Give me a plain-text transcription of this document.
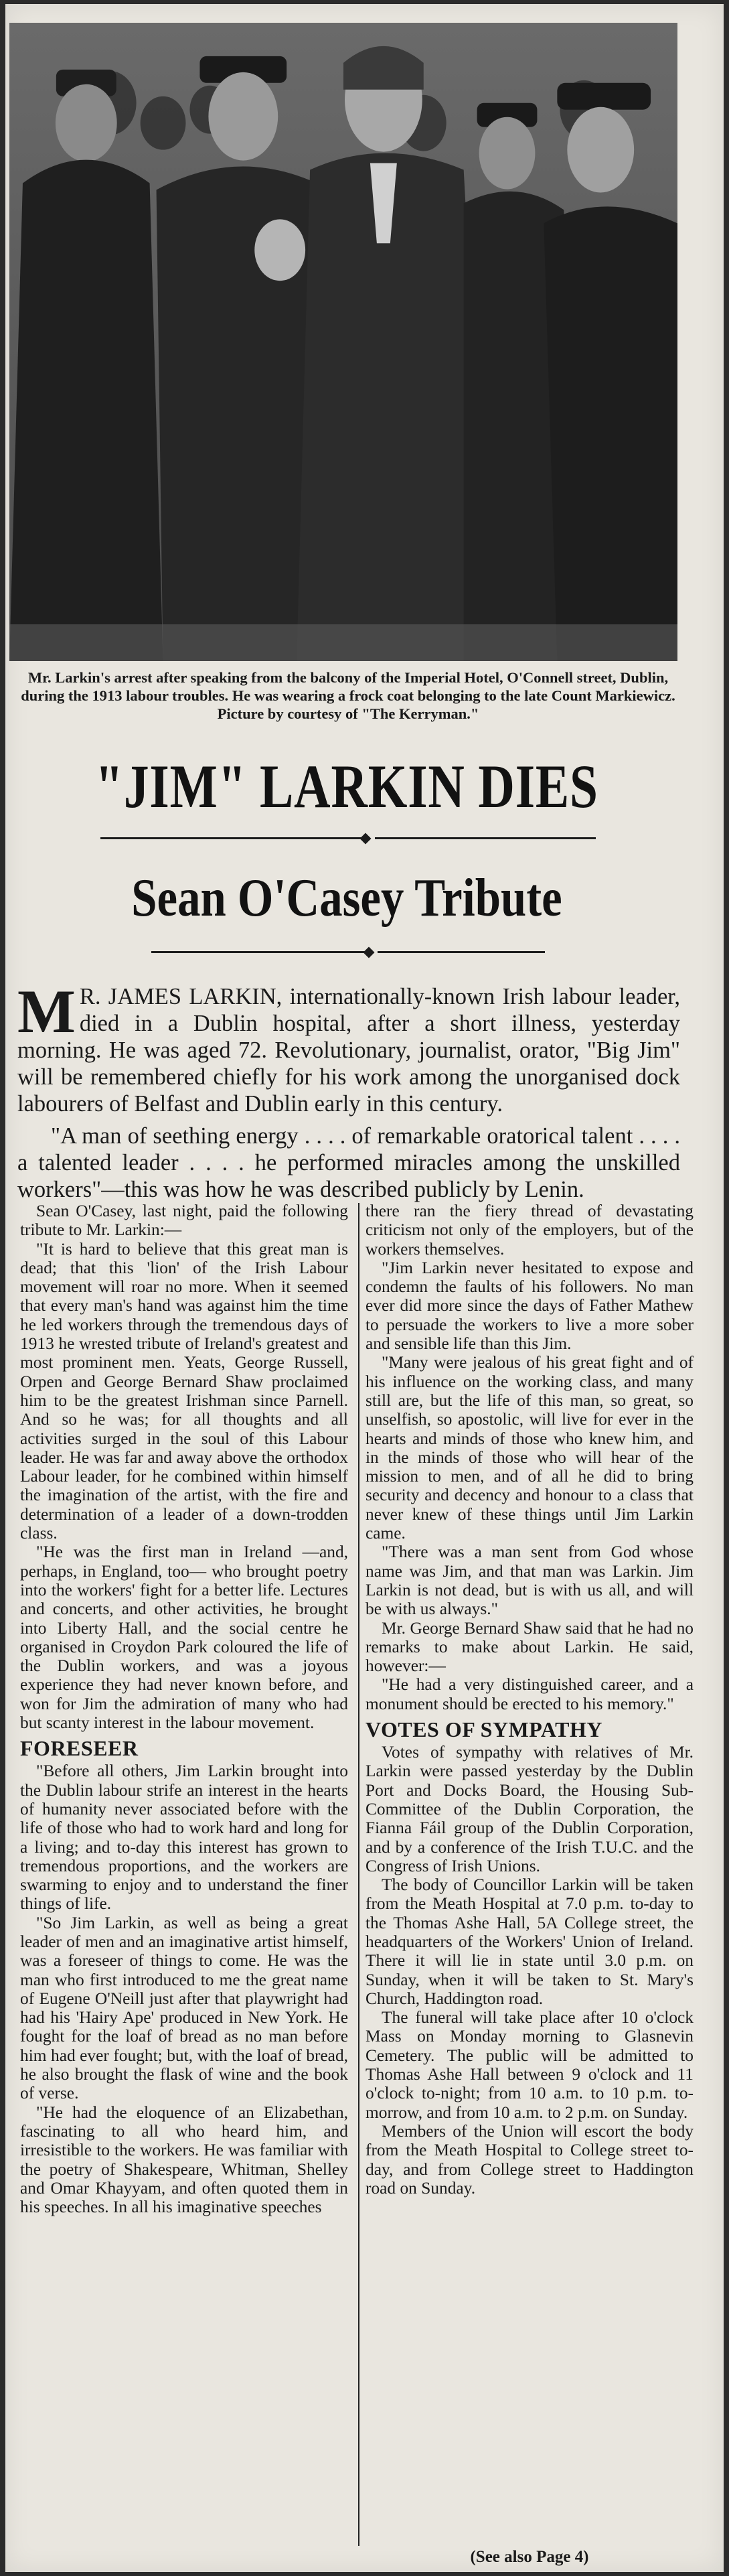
Mr. Larkin's arrest after speaking from the balcony of the Imperial Hotel, O'Connell street, Dublin, during the 1913 labour troubles. He was wearing a frock coat belonging to the late Count Markiewicz. Picture by courtesy of "The Kerryman."
"JIM" LARKIN DIES
Sean O'Casey Tribute

M R. JAMES LARKIN, internationally-known Irish labour leader, died in a Dublin hospital, after a short illness, yesterday morning. He was aged 72. Revolutionary, journalist, orator, "Big Jim" will be remembered chiefly for his work among the unorganised dock labourers of Belfast and Dublin early in this century.

"A man of seething energy . . . . of remarkable oratorical talent . . . . a talented leader . . . . he performed miracles among the unskilled workers"—this was how he was described publicly by Lenin.

Sean O'Casey, last night, paid the following tribute to Mr. Larkin:—

"It is hard to believe that this great man is dead; that this 'lion' of the Irish Labour movement will roar no more. When it seemed that every man's hand was against him the time he led workers through the tremendous days of 1913 he wrested tribute of Ireland's greatest and most prominent men. Yeats, George Russell, Orpen and George Bernard Shaw proclaimed him to be the greatest Irishman since Parnell. And so he was; for all thoughts and all activities surged in the soul of this Labour leader. He was far and away above the orthodox Labour leader, for he combined within himself the imagination of the artist, with the fire and determination of a leader of a down-trodden class.

"He was the first man in Ireland —and, perhaps, in England, too— who brought poetry into the workers' fight for a better life. Lectures and concerts, and other activities, he brought into Liberty Hall, and the social centre he organised in Croydon Park coloured the life of the Dublin workers, and was a joyous experience they had never known before, and won for Jim the admiration of many who had but scanty interest in the labour movement.

FORESEER

"Before all others, Jim Larkin brought into the Dublin labour strife an interest in the hearts of humanity never associated before with the life of those who had to work hard and long for a living; and to-day this interest has grown to tremendous proportions, and the workers are swarming to enjoy and to understand the finer things of life.

"So Jim Larkin, as well as being a great leader of men and an imaginative artist himself, was a foreseer of things to come. He was the man who first introduced to me the great name of Eugene O'Neill just after that playwright had had his 'Hairy Ape' produced in New York. He fought for the loaf of bread as no man before him had ever fought; but, with the loaf of bread, he also brought the flask of wine and the book of verse.

"He had the eloquence of an Elizabethan, fascinating to all who heard him, and irresistible to the workers. He was familiar with the poetry of Shakespeare, Whitman, Shelley and Omar Khayyam, and often quoted them in his speeches. In all his imaginative speeches

there ran the fiery thread of devastating criticism not only of the employers, but of the workers themselves.

"Jim Larkin never hesitated to expose and condemn the faults of his followers. No man ever did more since the days of Father Mathew to persuade the workers to live a more sober and sensible life than this Jim.

"Many were jealous of his great fight and of his influence on the working class, and many still are, but the life of this man, so great, so unselfish, so apostolic, will live for ever in the hearts and minds of those who knew him, and in the minds of those who will hear of the mission to men, and of all he did to bring security and decency and honour to a class that never knew of these things until Jim Larkin came.

"There was a man sent from God whose name was Jim, and that man was Larkin. Jim Larkin is not dead, but is with us all, and will be with us always."

Mr. George Bernard Shaw said that he had no remarks to make about Larkin. He said, however:—

"He had a very distinguished career, and a monument should be erected to his memory."

VOTES OF SYMPATHY

Votes of sympathy with relatives of Mr. Larkin were passed yesterday by the Dublin Port and Docks Board, the Housing Sub-Committee of the Dublin Corporation, the Fianna Fáil group of the Dublin Corporation, and by a conference of the Irish T.U.C. and the Congress of Irish Unions.

The body of Councillor Larkin will be taken from the Meath Hospital at 7.0 p.m. to-day to the Thomas Ashe Hall, 5A College street, the headquarters of the Workers' Union of Ireland. There it will lie in state until 3.0 p.m. on Sunday, when it will be taken to St. Mary's Church, Haddington road.

The funeral will take place after 10 o'clock Mass on Monday morning to Glasnevin Cemetery. The public will be admitted to Thomas Ashe Hall between 9 o'clock and 11 o'clock to-night; from 10 a.m. to 10 p.m. to-morrow, and from 10 a.m. to 2 p.m. on Sunday.

Members of the Union will escort the body from the Meath Hospital to College street to-day, and from College street to Haddington road on Sunday.

(See also Page 4)
